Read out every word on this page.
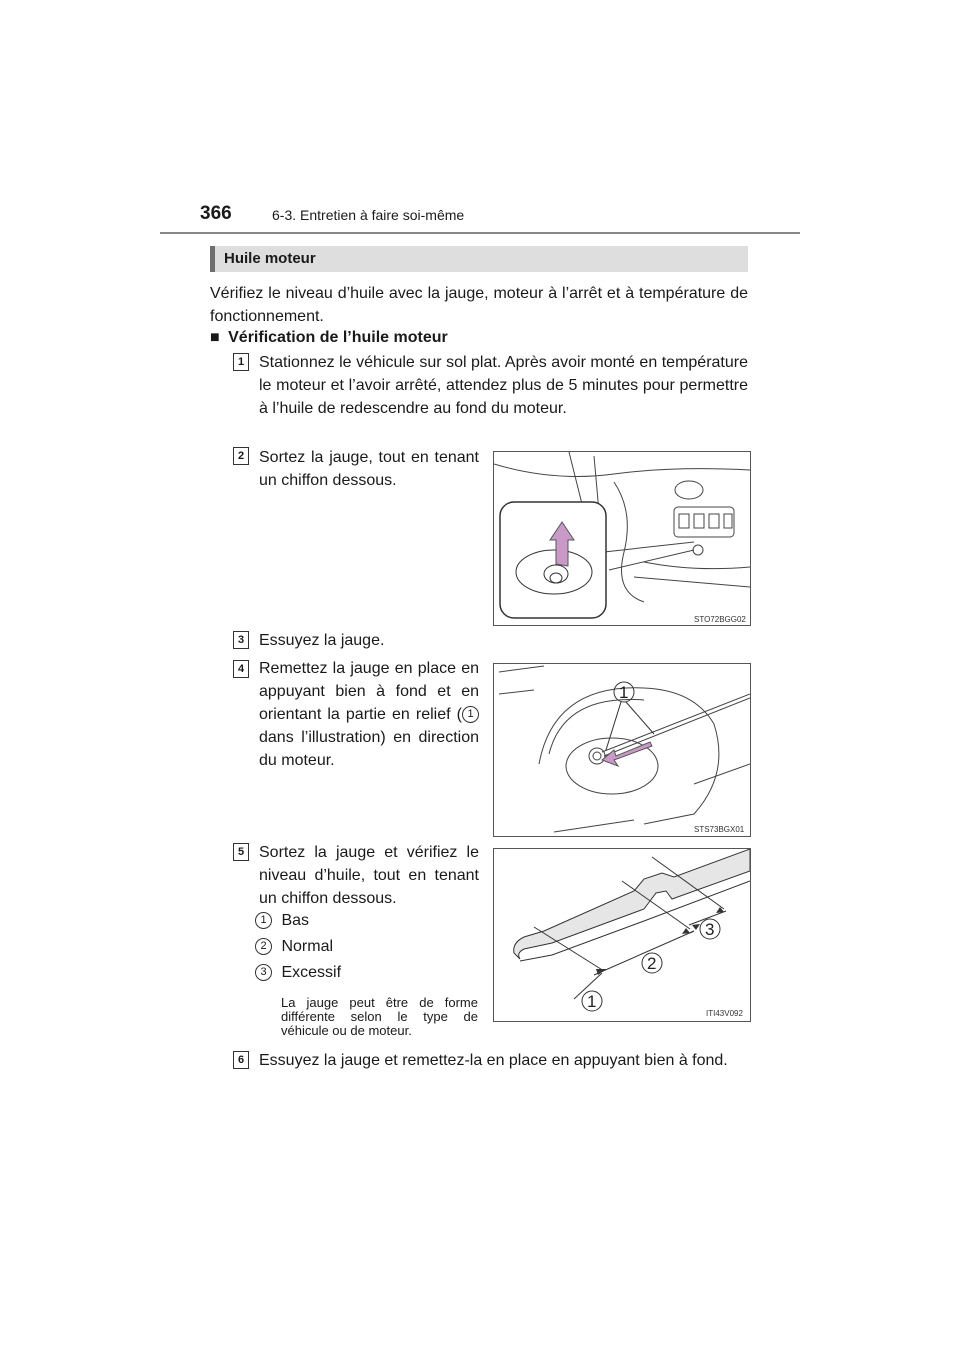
366	6-3. Entretien à faire soi-même
Huile moteur
Vérifiez le niveau d’huile avec la jauge, moteur à l’arrêt et à température de fonctionnement.
■ Vérification de l’huile moteur
1 Stationnez le véhicule sur sol plat. Après avoir monté en température le moteur et l’avoir arrêté, attendez plus de 5 minutes pour permettre à l’huile de redescendre au fond du moteur.
2 Sortez la jauge, tout en tenant un chiffon dessous.
STO72BGG02
3 Essuyez la jauge.
4 Remettez la jauge en place en appuyant bien à fond et en orientant la partie en relief ( 1 dans l’illustration) en direction du moteur.
1
STS73BGX01
5 Sortez la jauge et vérifiez le niveau d’huile, tout en tenant un chiffon dessous.
1 Bas
2 Normal
3 Excessif
La jauge peut être de forme différente selon le type de véhicule ou de moteur.
1
2
3
ITI43V092
6 Essuyez la jauge et remettez-la en place en appuyant bien à fond.
